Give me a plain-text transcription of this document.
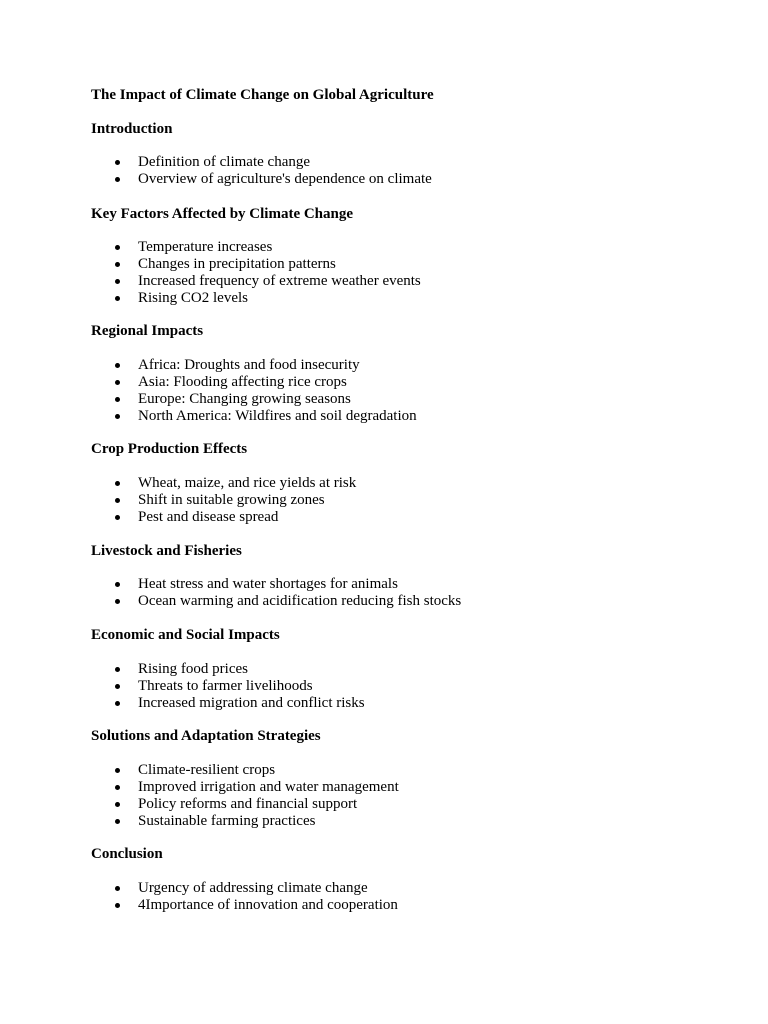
The Impact of Climate Change on Global Agriculture
Introduction
Definition of climate change
Overview of agriculture's dependence on climate
Key Factors Affected by Climate Change
Temperature increases
Changes in precipitation patterns
Increased frequency of extreme weather events
Rising CO2 levels
Regional Impacts
Africa: Droughts and food insecurity
Asia: Flooding affecting rice crops
Europe: Changing growing seasons
North America: Wildfires and soil degradation
Crop Production Effects
Wheat, maize, and rice yields at risk
Shift in suitable growing zones
Pest and disease spread
Livestock and Fisheries
Heat stress and water shortages for animals
Ocean warming and acidification reducing fish stocks
Economic and Social Impacts
Rising food prices
Threats to farmer livelihoods
Increased migration and conflict risks
Solutions and Adaptation Strategies
Climate-resilient crops
Improved irrigation and water management
Policy reforms and financial support
Sustainable farming practices
Conclusion
Urgency of addressing climate change
4Importance of innovation and cooperation
